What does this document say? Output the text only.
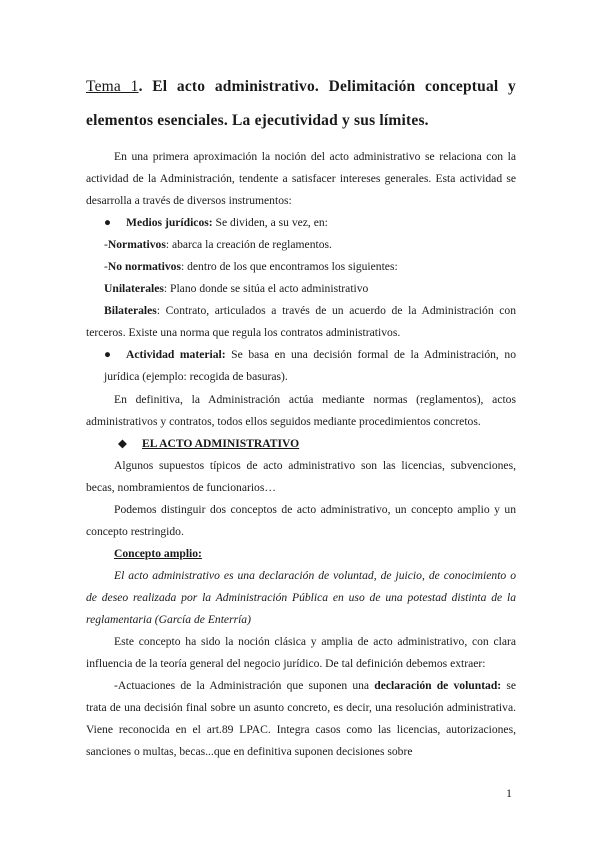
Tema 1. El acto administrativo. Delimitación conceptual y elementos esenciales. La ejecutividad y sus límites.

En una primera aproximación la noción del acto administrativo se relaciona con la actividad de la Administración, tendente a satisfacer intereses generales. Esta actividad se desarrolla a través de diversos instrumentos:

● Medios jurídicos: Se dividen, a su vez, en:

-Normativos: abarca la creación de reglamentos.

-No normativos: dentro de los que encontramos los siguientes:

Unilaterales: Plano donde se sitúa el acto administrativo

Bilaterales: Contrato, articulados a través de un acuerdo de la Administración con terceros. Existe una norma que regula los contratos administrativos.

● Actividad material: Se basa en una decisión formal de la Administración, no jurídica (ejemplo: recogida de basuras).

En definitiva, la Administración actúa mediante normas (reglamentos), actos administrativos y contratos, todos ellos seguidos mediante procedimientos concretos.

◆ EL ACTO ADMINISTRATIVO

Algunos supuestos típicos de acto administrativo son las licencias, subvenciones, becas, nombramientos de funcionarios…

Podemos distinguir dos conceptos de acto administrativo, un concepto amplio y un concepto restringido.

Concepto amplio:

El acto administrativo es una declaración de voluntad, de juicio, de conocimiento o de deseo realizada por la Administración Pública en uso de una potestad distinta de la reglamentaria (García de Enterría)

Este concepto ha sido la noción clásica y amplia de acto administrativo, con clara influencia de la teoría general del negocio jurídico. De tal definición debemos extraer:

-Actuaciones de la Administración que suponen una declaración de voluntad: se trata de una decisión final sobre un asunto concreto, es decir, una resolución administrativa. Viene reconocida en el art.89 LPAC. Integra casos como las licencias, autorizaciones, sanciones o multas, becas...que en definitiva suponen decisiones sobre

1
